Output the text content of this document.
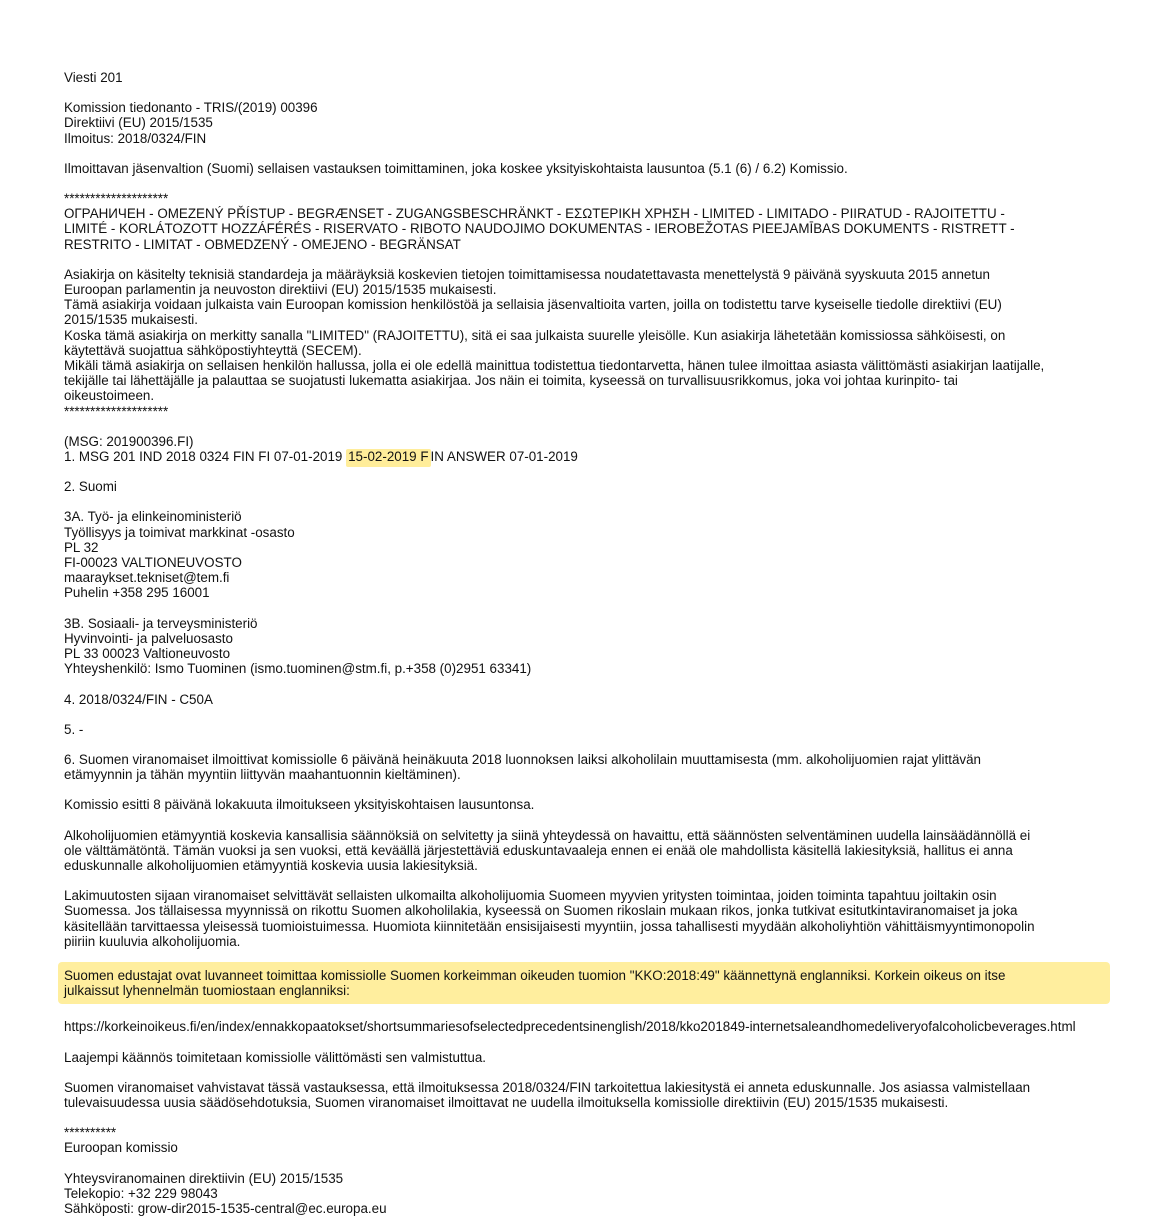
Viesti 201
Komission tiedonanto - TRIS/(2019) 00396
Direktiivi (EU) 2015/1535
Ilmoitus: 2018/0324/FIN
Ilmoittavan jäsenvaltion (Suomi) sellaisen vastauksen toimittaminen, joka koskee yksityiskohtaista lausuntoa (5.1 (6) / 6.2) Komissio.
********************
ОГРАНИЧЕН - OMEZENÝ PŘÍSTUP - BEGRÆNSET - ZUGANGSBESCHRÄNKT - ΕΣΩΤΕΡΙΚΗ ΧΡΗΣΗ - LIMITED - LIMITADO - PIIRATUD - RAJOITETTU -
LIMITÉ - KORLÁTOZOTT HOZZÁFÉRÉS - RISERVATO - RIBOTO NAUDOJIMO DOKUMENTAS - IEROBEŽOTAS PIEEJAMĪBAS DOKUMENTS - RISTRETT -
RESTRITO - LIMITAT - OBMEDZENÝ - OMEJENO - BEGRÄNSAT
Asiakirja on käsitelty teknisiä standardeja ja määräyksiä koskevien tietojen toimittamisessa noudatettavasta menettelystä 9 päivänä syyskuuta 2015 annetun
Euroopan parlamentin ja neuvoston direktiivi (EU) 2015/1535 mukaisesti.
Tämä asiakirja voidaan julkaista vain Euroopan komission henkilöstöä ja sellaisia jäsenvaltioita varten, joilla on todistettu tarve kyseiselle tiedolle direktiivi (EU)
2015/1535 mukaisesti.
Koska tämä asiakirja on merkitty sanalla "LIMITED" (RAJOITETTU), sitä ei saa julkaista suurelle yleisölle. Kun asiakirja lähetetään komissiossa sähköisesti, on
käytettävä suojattua sähköpostiyhteyttä (SECEM).
Mikäli tämä asiakirja on sellaisen henkilön hallussa, jolla ei ole edellä mainittua todistettua tiedontarvetta, hänen tulee ilmoittaa asiasta välittömästi asiakirjan laatijalle,
tekijälle tai lähettäjälle ja palauttaa se suojatusti lukematta asiakirjaa. Jos näin ei toimita, kyseessä on turvallisuusrikkomus, joka voi johtaa kurinpito- tai
oikeustoimeen.
********************
(MSG: 201900396.FI)
1. MSG 201 IND 2018 0324 FIN FI 07-01-2019 15-02-2019 F IN ANSWER 07-01-2019
2. Suomi
3A. Työ- ja elinkeinoministeriö
Työllisyys ja toimivat markkinat -osasto
PL 32
FI-00023 VALTIONEUVOSTO
maaraykset.tekniset@tem.fi
Puhelin +358 295 16001
3B. Sosiaali- ja terveysministeriö
Hyvinvointi- ja palveluosasto
PL 33 00023 Valtioneuvosto
Yhteyshenkilö: Ismo Tuominen (ismo.tuominen@stm.fi, p.+358 (0)2951 63341)
4. 2018/0324/FIN - C50A
5. -
6. Suomen viranomaiset ilmoittivat komissiolle 6 päivänä heinäkuuta 2018 luonnoksen laiksi alkoholilain muuttamisesta (mm. alkoholijuomien rajat ylittävän
etämyynnin ja tähän myyntiin liittyvän maahantuonnin kieltäminen).
Komissio esitti 8 päivänä lokakuuta ilmoitukseen yksityiskohtaisen lausuntonsa.
Alkoholijuomien etämyyntiä koskevia kansallisia säännöksiä on selvitetty ja siinä yhteydessä on havaittu, että säännösten selventäminen uudella lainsäädännöllä ei
ole välttämätöntä. Tämän vuoksi ja sen vuoksi, että keväällä järjestettäviä eduskuntavaaleja ennen ei enää ole mahdollista käsitellä lakiesityksiä, hallitus ei anna
eduskunnalle alkoholijuomien etämyyntiä koskevia uusia lakiesityksiä.
Lakimuutosten sijaan viranomaiset selvittävät sellaisten ulkomailta alkoholijuomia Suomeen myyvien yritysten toimintaa, joiden toiminta tapahtuu joiltakin osin
Suomessa. Jos tällaisessa myynnissä on rikottu Suomen alkoholilakia, kyseessä on Suomen rikoslain mukaan rikos, jonka tutkivat esitutkintaviranomaiset ja joka
käsitellään tarvittaessa yleisessä tuomioistuimessa. Huomiota kiinnitetään ensisijaisesti myyntiin, jossa tahallisesti myydään alkoholiyhtiön vähittäismyyntimonopolin
piiriin kuuluvia alkoholijuomia.
Suomen edustajat ovat luvanneet toimittaa komissiolle Suomen korkeimman oikeuden tuomion "KKO:2018:49" käännettynä englanniksi. Korkein oikeus on itse
julkaissut lyhennelmän tuomiostaan englanniksi:
https://korkeinoikeus.fi/en/index/ennakkopaatokset/shortsummariesofselectedprecedentsinenglish/2018/kko201849-internetsaleandhomedeliveryofalcoholicbeverages.html
Laajempi käännös toimitetaan komissiolle välittömästi sen valmistuttua.
Suomen viranomaiset vahvistavat tässä vastauksessa, että ilmoituksessa 2018/0324/FIN tarkoitettua lakiesitystä ei anneta eduskunnalle. Jos asiassa valmistellaan
tulevaisuudessa uusia säädösehdotuksia, Suomen viranomaiset ilmoittavat ne uudella ilmoituksella komissiolle direktiivin (EU) 2015/1535 mukaisesti.
**********
Euroopan komissio
Yhteysviranomainen direktiivin (EU) 2015/1535
Telekopio: +32 229 98043
Sähköposti: grow-dir2015-1535-central@ec.europa.eu
